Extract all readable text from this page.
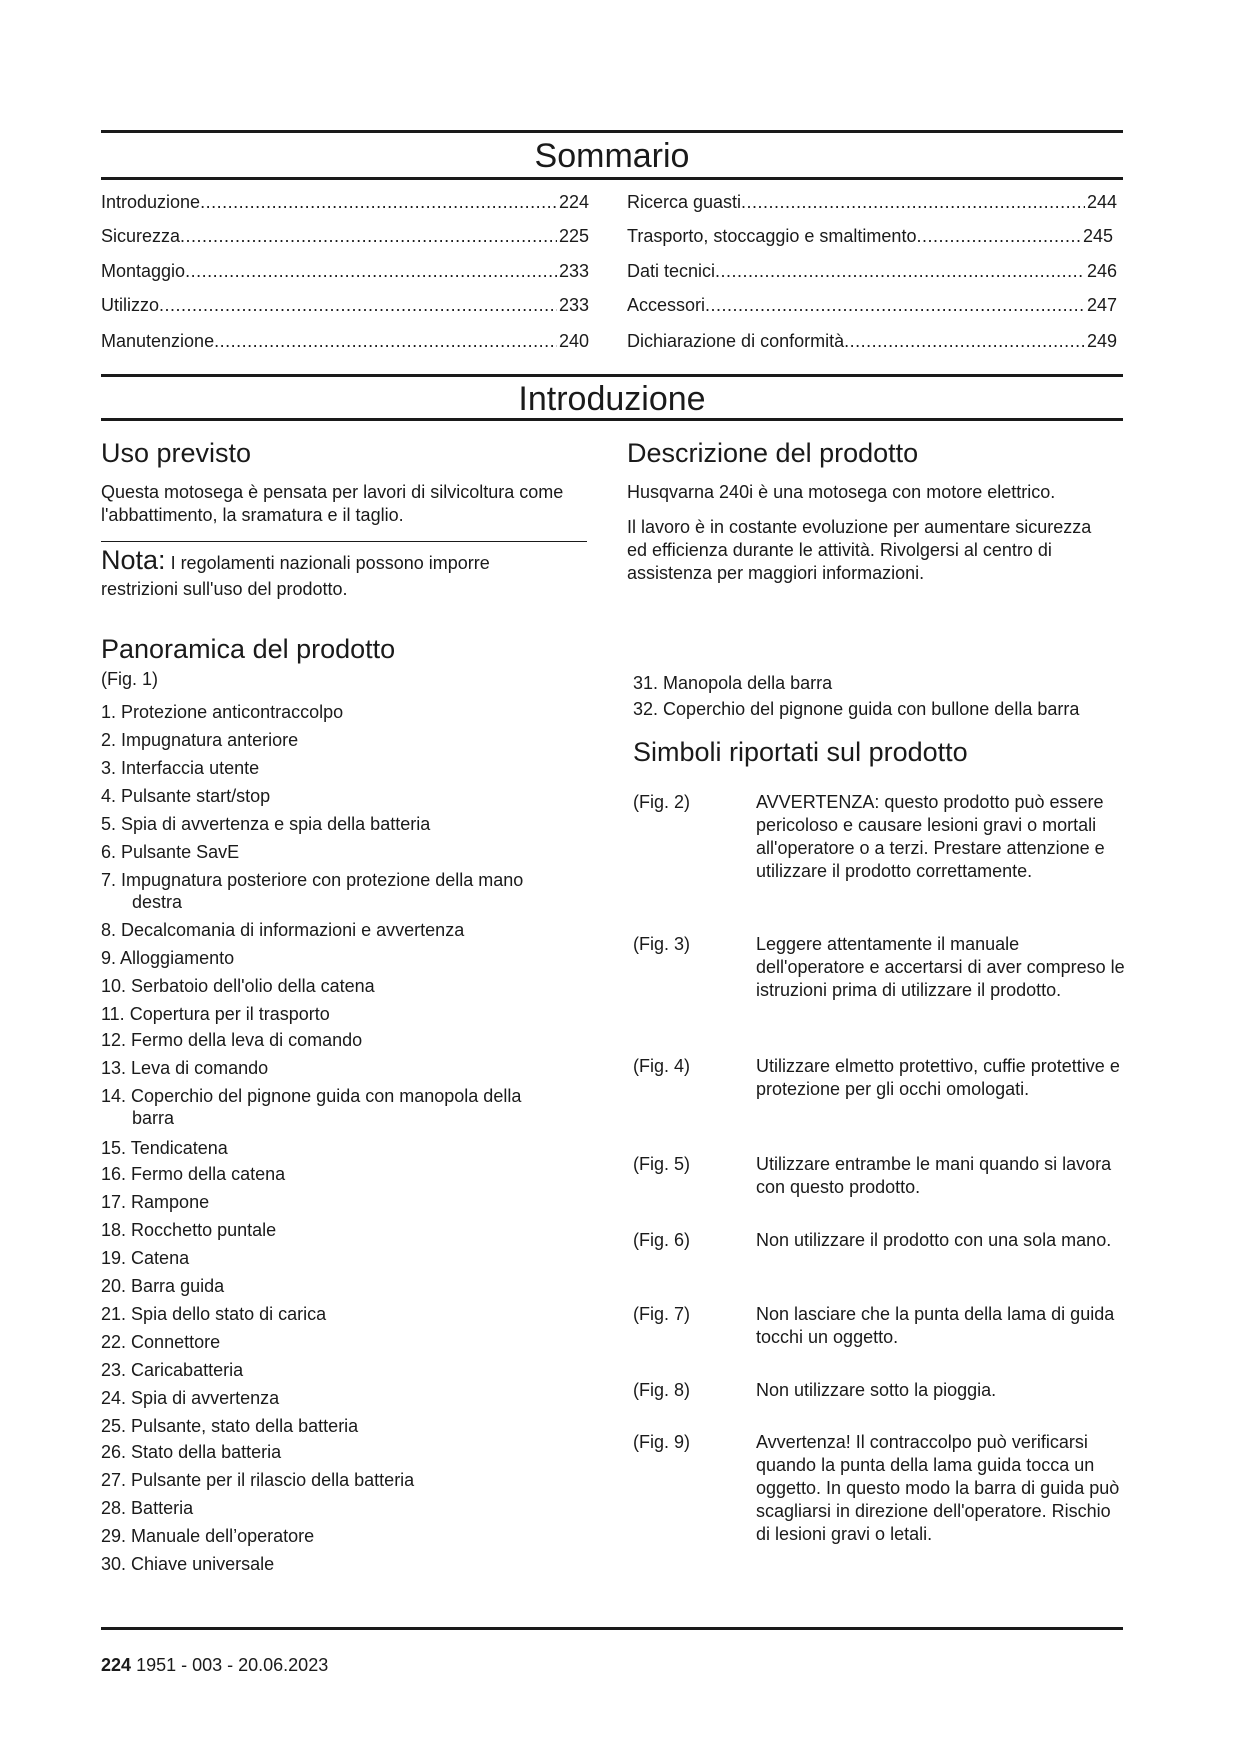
Sommario
Introduzione .....	224
Sicurezza .....	225
Montaggio .....	233
Utilizzo .....	233
Manutenzione .....	240
Ricerca guasti .....	244
Trasporto, stoccaggio e smaltimento .....	245
Dati tecnici .....	246
Accessori .....	247
Dichiarazione di conformità .....	249
Introduzione
Uso previsto

Questa motosega è pensata per lavori di silvicoltura come l'abbattimento, la sramatura e il taglio.

Nota: I regolamenti nazionali possono imporre restrizioni sull'uso del prodotto.

Descrizione del prodotto

Husqvarna 240i è una motosega con motore elettrico.

Il lavoro è in costante evoluzione per aumentare sicurezza ed efficienza durante le attività. Rivolgersi al centro di assistenza per maggiori informazioni.

Panoramica del prodotto
(Fig. 1)
1. Protezione anticontraccolpo
2. Impugnatura anteriore
3. Interfaccia utente
4. Pulsante start/stop
5. Spia di avvertenza e spia della batteria
6. Pulsante SavE
7. Impugnatura posteriore con protezione della mano
destra
8. Decalcomania di informazioni e avvertenza
9. Alloggiamento
10. Serbatoio dell'olio della catena
11. Copertura per il trasporto
12. Fermo della leva di comando
13. Leva di comando
14. Coperchio del pignone guida con manopola della
barra
15. Tendicatena
16. Fermo della catena
17. Rampone
18. Rocchetto puntale
19. Catena
20. Barra guida
21. Spia dello stato di carica
22. Connettore
23. Caricabatteria
24. Spia di avvertenza
25. Pulsante, stato della batteria
26. Stato della batteria
27. Pulsante per il rilascio della batteria
28. Batteria
29. Manuale dell’operatore
30. Chiave universale
31. Manopola della barra
32. Coperchio del pignone guida con bullone della barra
Simboli riportati sul prodotto
(Fig. 2)	AVVERTENZA: questo prodotto può essere pericoloso e causare lesioni gravi o mortali all'operatore o a terzi. Prestare attenzione e utilizzare il prodotto correttamente.
(Fig. 3)	Leggere attentamente il manuale dell'operatore e accertarsi di aver compreso le istruzioni prima di utilizzare il prodotto.
(Fig. 4)	Utilizzare elmetto protettivo, cuffie protettive e protezione per gli occhi omologati.
(Fig. 5)	Utilizzare entrambe le mani quando si lavora con questo prodotto.
(Fig. 6)	Non utilizzare il prodotto con una sola mano.
(Fig. 7)	Non lasciare che la punta della lama di guida tocchi un oggetto.
(Fig. 8)	Non utilizzare sotto la pioggia.
(Fig. 9)	Avvertenza! Il contraccolpo può verificarsi quando la punta della lama guida tocca un oggetto. In questo modo la barra di guida può scagliarsi in direzione dell'operatore. Rischio di lesioni gravi o letali.
224 1951 - 003 - 20.06.2023
